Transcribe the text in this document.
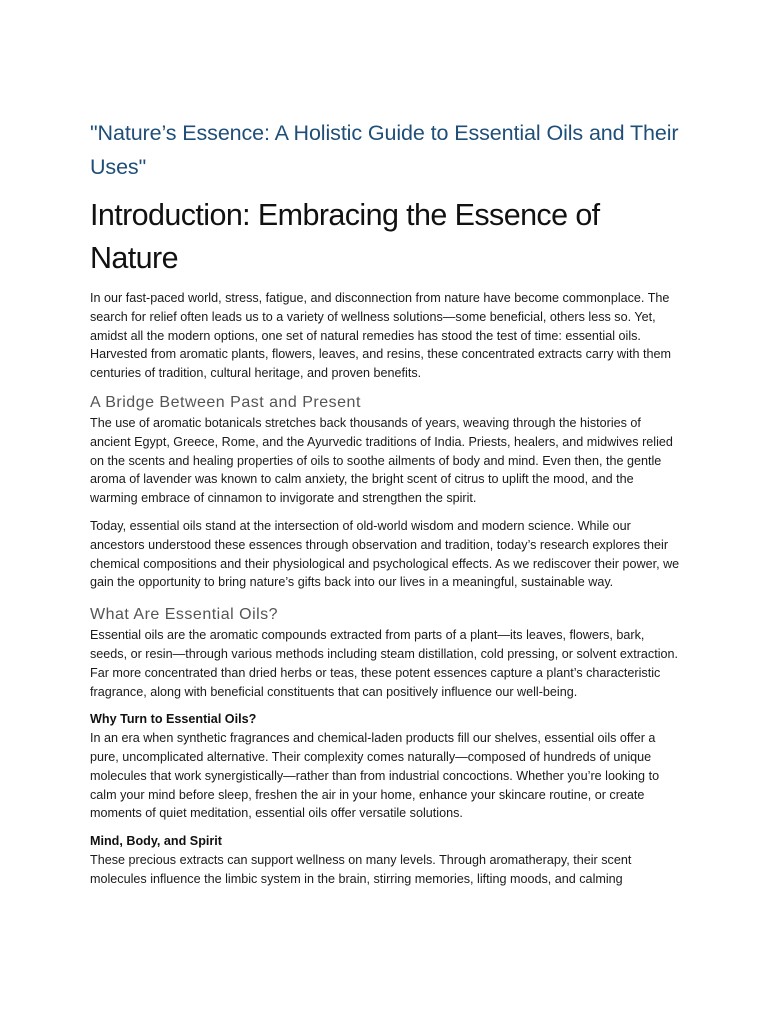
"Nature’s Essence: A Holistic Guide to Essential Oils and Their Uses"
Introduction: Embracing the Essence of Nature

In our fast-paced world, stress, fatigue, and disconnection from nature have become commonplace. The search for relief often leads us to a variety of wellness solutions—some beneficial, others less so. Yet, amidst all the modern options, one set of natural remedies has stood the test of time: essential oils. Harvested from aromatic plants, flowers, leaves, and resins, these concentrated extracts carry with them centuries of tradition, cultural heritage, and proven benefits.

A Bridge Between Past and Present

The use of aromatic botanicals stretches back thousands of years, weaving through the histories of ancient Egypt, Greece, Rome, and the Ayurvedic traditions of India. Priests, healers, and midwives relied on the scents and healing properties of oils to soothe ailments of body and mind. Even then, the gentle aroma of lavender was known to calm anxiety, the bright scent of citrus to uplift the mood, and the warming embrace of cinnamon to invigorate and strengthen the spirit.

Today, essential oils stand at the intersection of old-world wisdom and modern science. While our ancestors understood these essences through observation and tradition, today’s research explores their chemical compositions and their physiological and psychological effects. As we rediscover their power, we gain the opportunity to bring nature’s gifts back into our lives in a meaningful, sustainable way.

What Are Essential Oils?

Essential oils are the aromatic compounds extracted from parts of a plant—its leaves, flowers, bark, seeds, or resin—through various methods including steam distillation, cold pressing, or solvent extraction. Far more concentrated than dried herbs or teas, these potent essences capture a plant’s characteristic fragrance, along with beneficial constituents that can positively influence our well-being.

Why Turn to Essential Oils?

In an era when synthetic fragrances and chemical-laden products fill our shelves, essential oils offer a pure, uncomplicated alternative. Their complexity comes naturally—composed of hundreds of unique molecules that work synergistically—rather than from industrial concoctions. Whether you’re looking to calm your mind before sleep, freshen the air in your home, enhance your skincare routine, or create moments of quiet meditation, essential oils offer versatile solutions.

Mind, Body, and Spirit

These precious extracts can support wellness on many levels. Through aromatherapy, their scent molecules influence the limbic system in the brain, stirring memories, lifting moods, and calming
